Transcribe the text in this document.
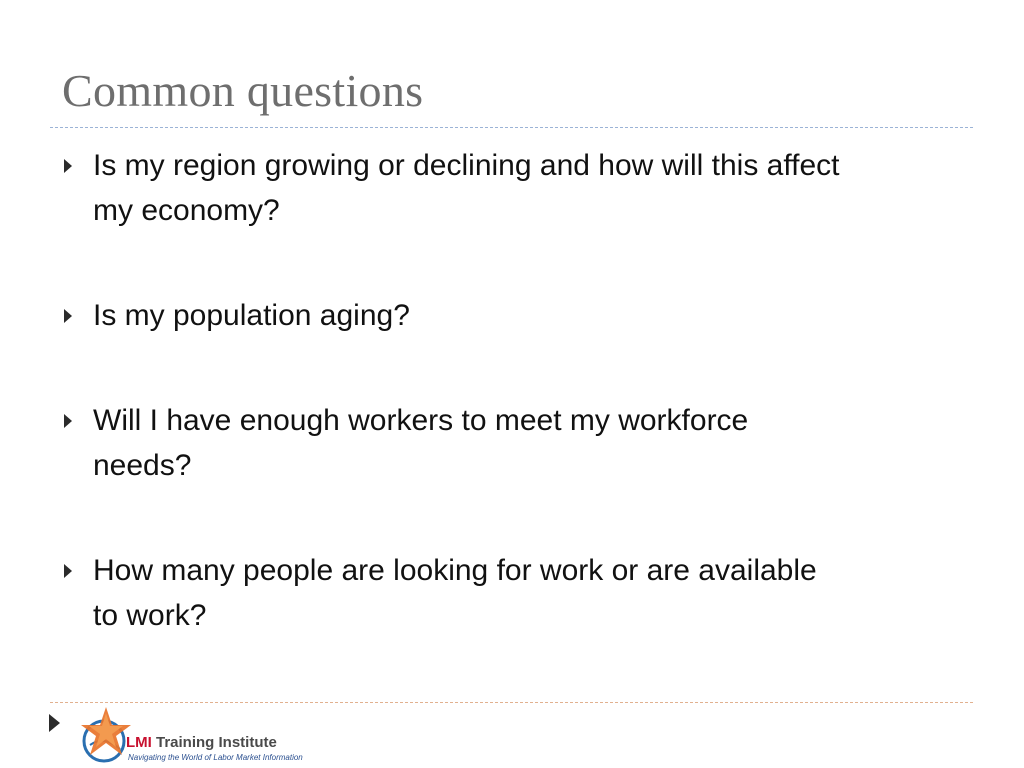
Common questions
Is my region growing or declining and how will this affect
my economy?
Is my population aging?
Will I have enough workers to meet my workforce
needs?
How many people are looking for work or are available
to work?
LMI Training Institute
Navigating the World of Labor Market Information
